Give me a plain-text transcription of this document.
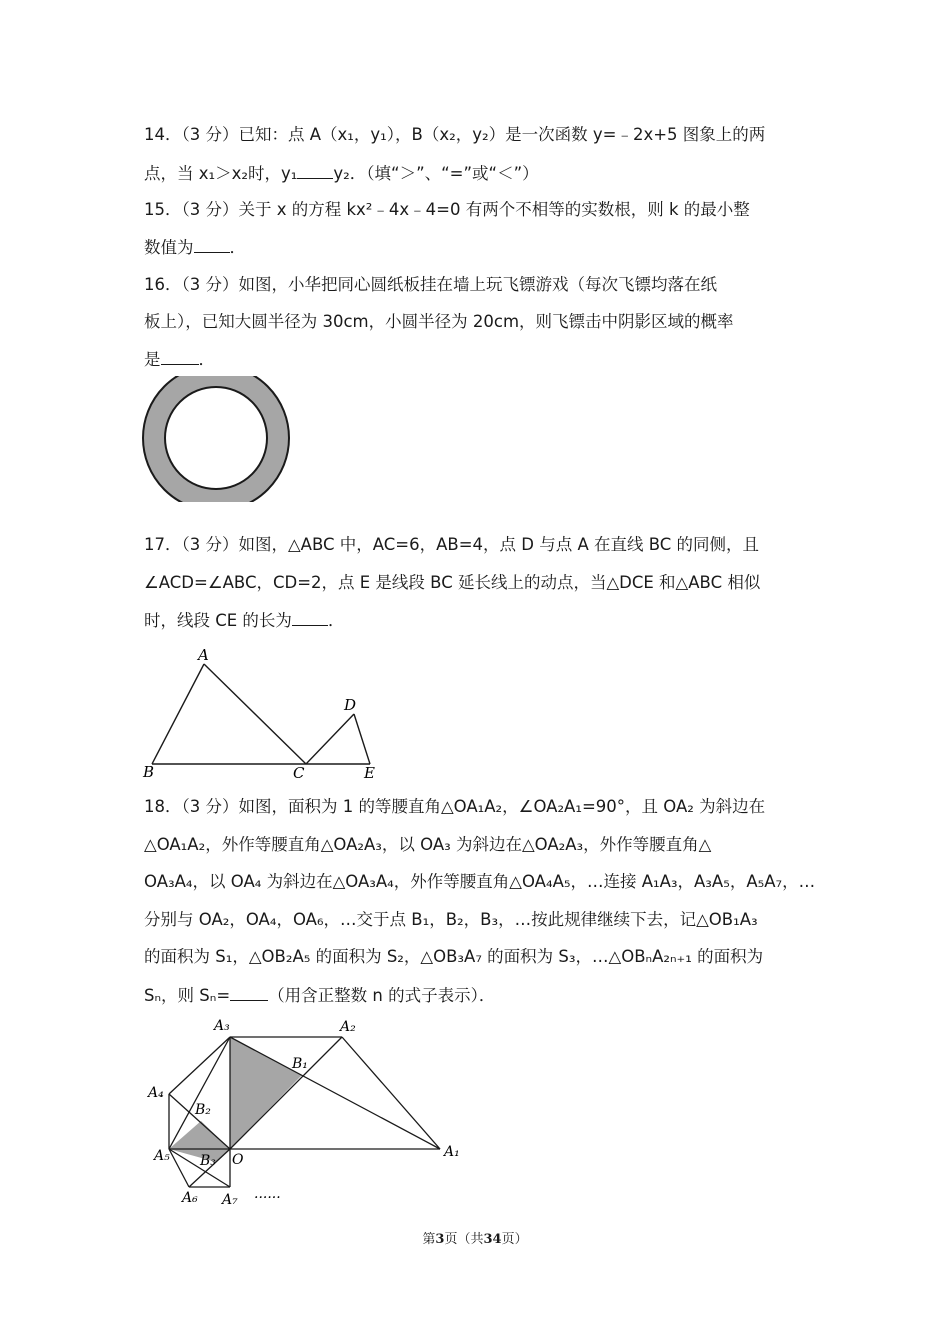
14．（3 分）已知：点 A（x₁，y₁），B（x₂，y₂）是一次函数 y=﹣2x+5 图象上的两
点，当 x₁＞x₂时，y₁ y₂．（填“＞”、“=”或“＜”）
15．（3 分）关于 x 的方程 kx²﹣4x﹣4=0 有两个不相等的实数根，则 k 的最小整
数值为 ．
16．（3 分）如图，小华把同心圆纸板挂在墙上玩飞镖游戏（每次飞镖均落在纸
板上），已知大圆半径为 30cm，小圆半径为 20cm，则飞镖击中阴影区域的概率
是 ．
17．（3 分）如图，△ABC 中，AC=6，AB=4，点 D 与点 A 在直线 BC 的同侧，且
∠ACD=∠ABC，CD=2，点 E 是线段 BC 延长线上的动点，当△DCE 和△ABC 相似
时，线段 CE 的长为 ．
A
B	C
D
E
18．（3 分）如图，面积为 1 的等腰直角△OA₁A₂，∠OA₂A₁=90°，且 OA₂ 为斜边在
△OA₁A₂，外作等腰直角△OA₂A₃，以 OA₃ 为斜边在△OA₂A₃，外作等腰直角△
OA₃A₄，以 OA₄ 为斜边在△OA₃A₄，外作等腰直角△OA₄A₅，…连接 A₁A₃，A₃A₅，A₅A₇，…
分别与 OA₂，OA₄，OA₆，…交于点 B₁，B₂，B₃，…按此规律继续下去，记△OB₁A₃
的面积为 S₁，△OB₂A₅ 的面积为 S₂，△OB₃A₇ 的面积为 S₃，…△OBₙA₂ₙ₊₁ 的面积为
Sₙ，则 Sₙ= （用含正整数 n 的式子表示）．
A₃	A₂
B₁
A₄
B₂
A₅ B₃ O	A₁
A₆ A₇ ......
第3页（共34页）
